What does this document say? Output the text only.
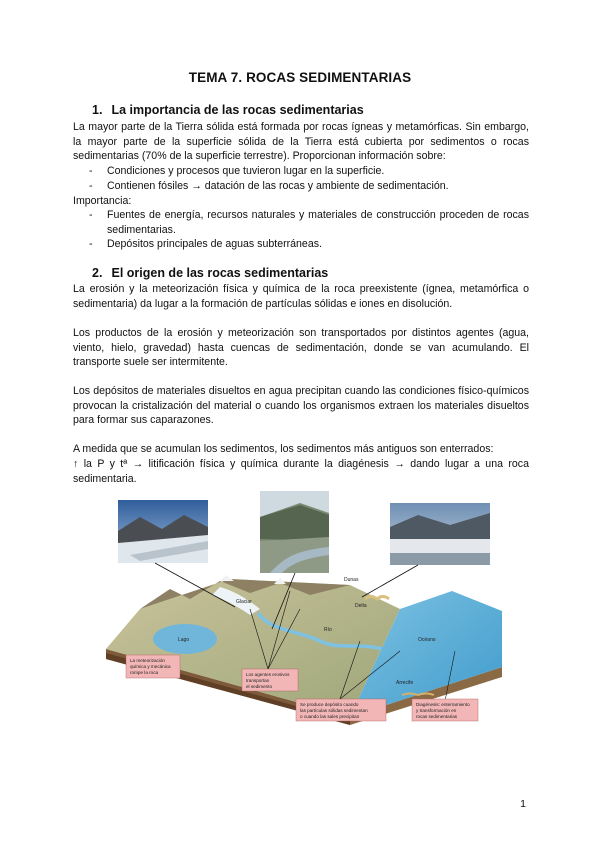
TEMA 7. ROCAS SEDIMENTARIAS
1. La importancia de las rocas sedimentarias
La mayor parte de la Tierra sólida está formada por rocas ígneas y metamórficas. Sin embargo, la mayor parte de la superficie sólida de la Tierra está cubierta por sedimentos o rocas sedimentarias (70% de la superficie terrestre). Proporcionan información sobre:
- Condiciones y procesos que tuvieron lugar en la superficie.
- Contienen fósiles → datación de las rocas y ambiente de sedimentación.
Importancia:
- Fuentes de energía, recursos naturales y materiales de construcción proceden de rocas sedimentarias.
- Depósitos principales de aguas subterráneas.
2. El origen de las rocas sedimentarias
La erosión y la meteorización física y química de la roca preexistente (ígnea, metamórfica o sedimentaria) da lugar a la formación de partículas sólidas e iones en disolución.
Los productos de la erosión y meteorización son transportados por distintos agentes (agua, viento, hielo, gravedad) hasta cuencas de sedimentación, donde se van acumulando. El transporte suele ser intermitente.
Los depósitos de materiales disueltos en agua precipitan cuando las condiciones físico-químicos provocan la cristalización del material o cuando los organismos extraen los materiales disueltos para formar sus caparazones.
A medida que se acumulan los sedimentos, los sedimentos más antiguos son enterrados:
↑ la P y tª → litificación física y química durante la diagénesis → dando lugar a una roca sedimentaria.
Glaciar
Lago
Río
Delta
Dunas
Océano
Arrecife
La meteorización
química y mecánica
rompe la roca	Los agentes erosivos
transportan
el sedimento
Se produce depósito cuando
las partículas sólidas sedimentan
o cuando las sales precipitan
Diagénesis: enterramiento
y transformación en
rocas sedimentarias
1
